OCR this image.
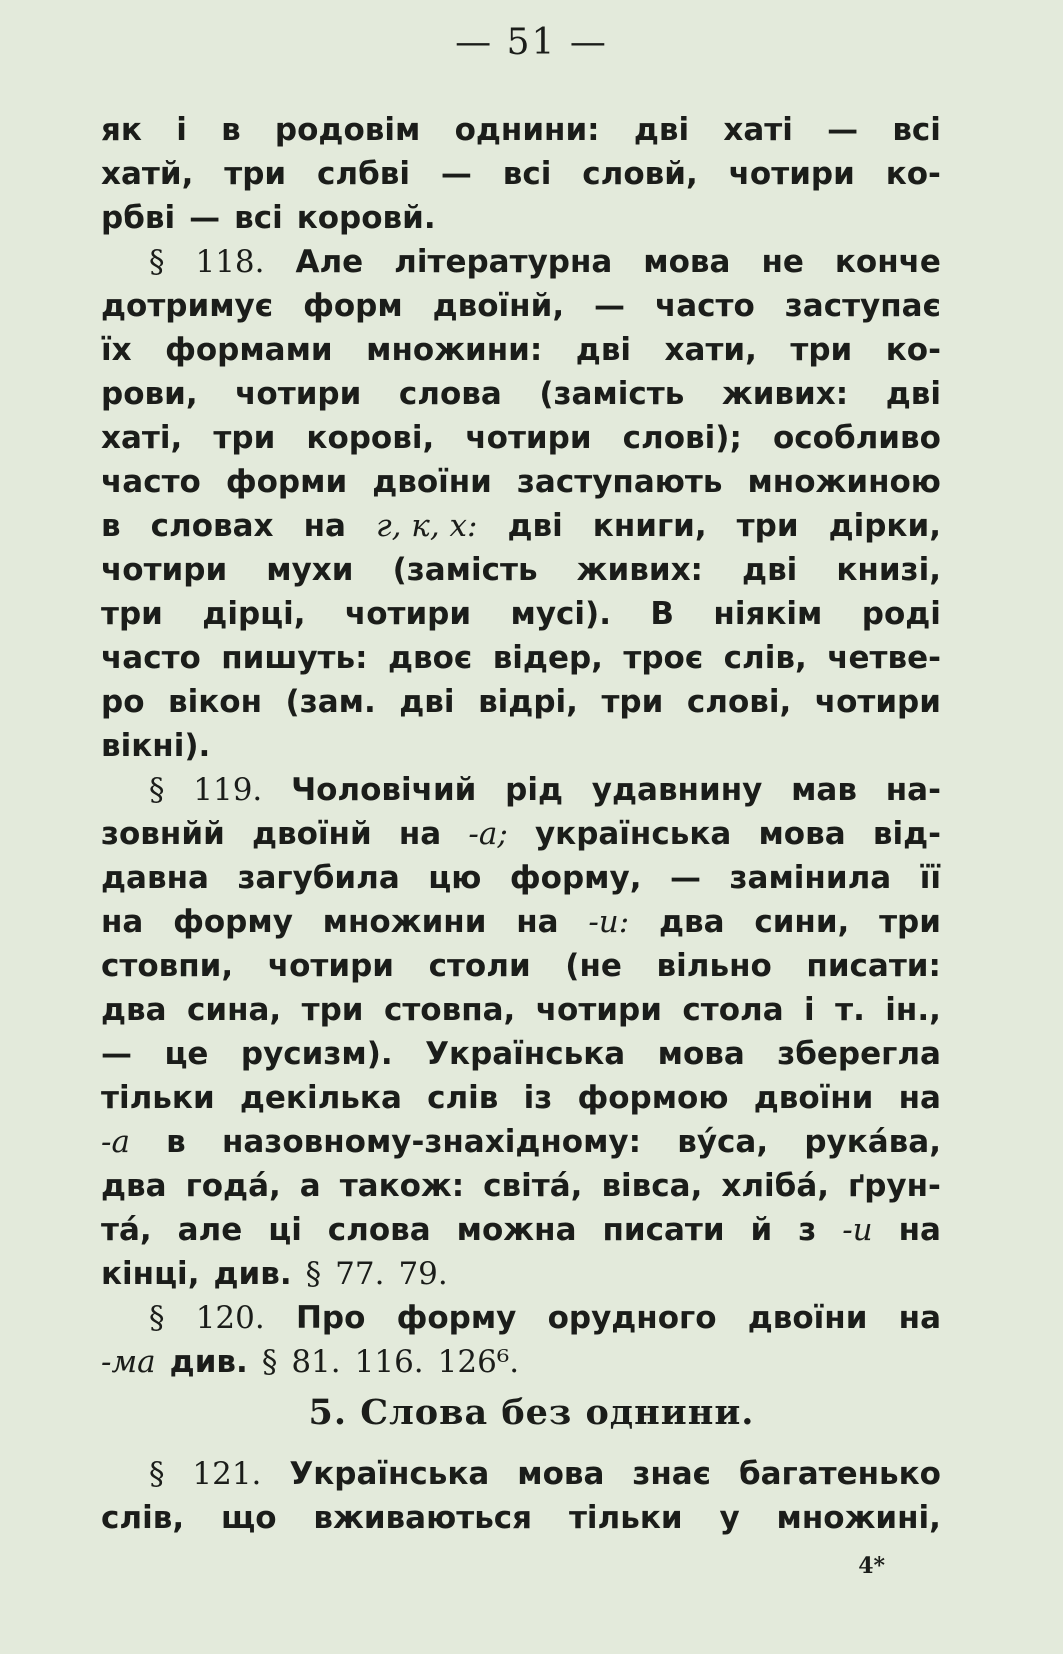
— 51 —
як і в родовім однини: дві хаті — всі
хатй, три слбві — всі словй, чотири ко-
рбві — всі коровй.
§ 118. Але літературна мова не конче
дотримує форм двоїнй, — часто заступає
їх формами множини: дві хати, три ко-
рови, чотири слова (замість живих: дві
хаті, три корові, чотири слові); особливо
часто форми двоїни заступають множиною
в словах на г, к, х: дві книги, три дірки,
чотири мухи (замість живих: дві книзі,
три дірці, чотири мусі). В ніякім роді
часто пишуть: двоє відер, троє слів, четве-
ро вікон (зам. дві відрі, три слові, чотири
вікні).
§ 119. Чоловічий рід удавнину мав на-
зовнйй двоїнй на -а; українська мова від-
давна загубила цю форму, — замінила її
на форму множини на -и: два сини, три
стовпи, чотири столи (не вільно писати:
два сина, три стовпа, чотири стола і т. ін.,
— це русизм). Українська мова зберегла
тільки декілька слів із формою двоїни на
-а в назовному-знахідному: вýса, рукáва,
два годá, а також: світá, вівса, хлібá, ґрун-
тá, але ці слова можна писати й з -и на
кінці, див. § 77. 79.
§ 120. Про форму орудного двоїни на
-ма див. § 81. 116. 126⁶.
5. Слова без однини.
§ 121. Українська мова знає багатенько
слів, що вживаються тільки у множині,
4*
